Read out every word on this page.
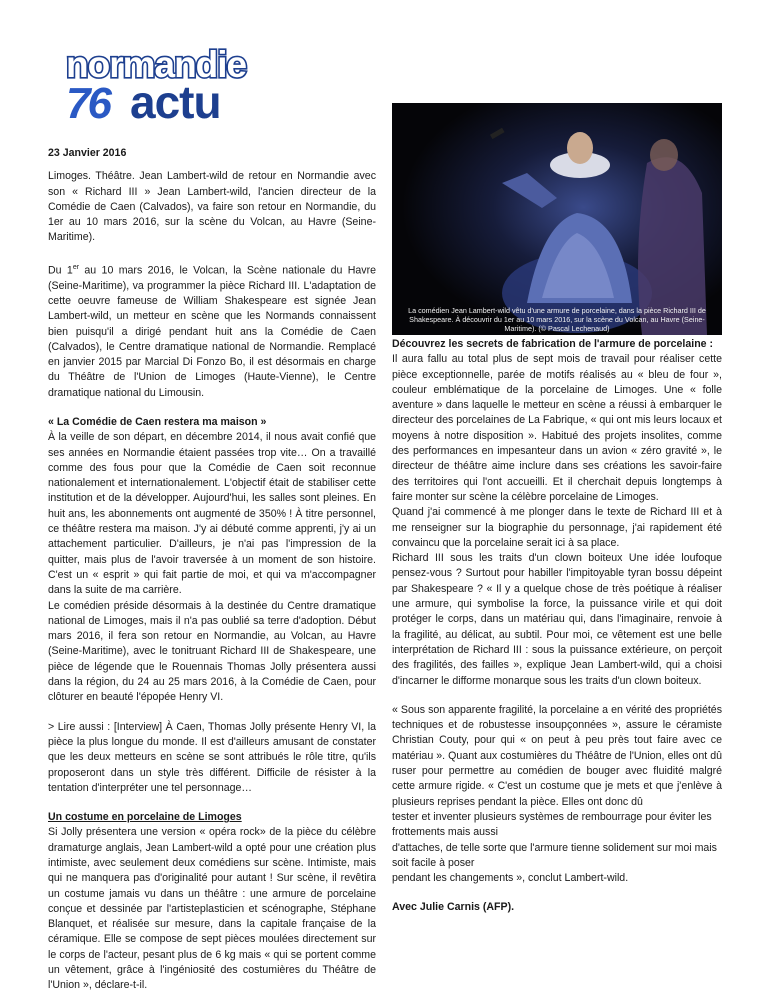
normandie
76 actu

23 Janvier 2016

Limoges. Théâtre. Jean Lambert-wild de retour en Normandie avec son « Richard III » Jean Lambert-wild, l'ancien directeur de la Comédie de Caen (Calvados), va faire son retour en Normandie, du 1er au 10 mars 2016, sur la scène du Volcan, au Havre (Seine-Maritime).

Du 1er au 10 mars 2016, le Volcan, la Scène nationale du Havre (Seine-Maritime), va programmer la pièce Richard III. L'adaptation de cette oeuvre fameuse de William Shakespeare est signée Jean Lambert-wild, un metteur en scène que les Normands connaissent bien puisqu'il a dirigé pendant huit ans la Comédie de Caen (Calvados), le Centre dramatique national de Normandie. Remplacé en janvier 2015 par Marcial Di Fonzo Bo, il est désormais en charge du Théâtre de l'Union de Limoges (Haute-Vienne), le Centre dramatique national du Limousin.

« La Comédie de Caen restera ma maison »

À la veille de son départ, en décembre 2014, il nous avait confié que ses années en Normandie étaient passées trop vite… On a travaillé comme des fous pour que la Comédie de Caen soit reconnue nationalement et internationalement. L'objectif était de stabiliser cette institution et de la développer. Aujourd'hui, les salles sont pleines. En huit ans, les abonnements ont augmenté de 350% ! À titre personnel, ce théâtre restera ma maison. J'y ai débuté comme apprenti, j'y ai un attachement particulier. D'ailleurs, je n'ai pas l'impression de la quitter, mais plus de l'avoir traversée à un moment de son histoire. C'est un « esprit » qui fait partie de moi, et qui va m'accompagner dans la suite de ma carrière.

Le comédien préside désormais à la destinée du Centre dramatique national de Limoges, mais il n'a pas oublié sa terre d'adoption. Début mars 2016, il fera son retour en Normandie, au Volcan, au Havre (Seine-Maritime), avec le tonitruant Richard III de Shakespeare, une pièce de légende que le Rouennais Thomas Jolly présentera aussi dans la région, du 24 au 25 mars 2016, à la Comédie de Caen, pour clôturer en beauté l'épopée Henry VI.

> Lire aussi : [Interview] À Caen, Thomas Jolly présente Henry VI, la pièce la plus longue du monde. Il est d'ailleurs amusant de constater que les deux metteurs en scène se sont attribués le rôle titre, qu'ils proposeront dans un style très différent. Difficile de résister à la tentation d'interpréter une tel personnage…

Un costume en porcelaine de Limoges

Si Jolly présentera une version « opéra rock» de la pièce du célèbre dramaturge anglais, Jean Lambert-wild a opté pour une création plus intimiste, avec seulement deux comédiens sur scène. Intimiste, mais qui ne manquera pas d'originalité pour autant ! Sur scène, il revêtira un costume jamais vu dans un théâtre : une armure de porcelaine conçue et dessinée par l'artisteplasticien et scénographe, Stéphane Blanquet, et réalisée sur mesure, dans la capitale française de la céramique. Elle se compose de sept pièces moulées directement sur le corps de l'acteur, pesant plus de 6 kg mais « qui se portent comme un vêtement, grâce à l'ingéniosité des costumières du Théâtre de l'Union », déclare-t-il.

La comédien Jean Lambert-wild vêtu d'une armure de porcelaine, dans la pièce Richard III de Shakespeare. À découvrir du 1er au 10 mars 2016, sur la scène du Volcan, au Havre (Seine-Maritime). (© Pascal Lechenaud)

Découvrez les secrets de fabrication de l'armure de porcelaine :

Il aura fallu au total plus de sept mois de travail pour réaliser cette pièce exceptionnelle, parée de motifs réalisés au « bleu de four », couleur emblématique de la porcelaine de Limoges. Une « folle aventure » dans laquelle le metteur en scène a réussi à embarquer le directeur des porcelaines de La Fabrique, « qui ont mis leurs locaux et moyens à notre disposition ». Habitué des projets insolites, comme des performances en impesanteur dans un avion « zéro gravité », le directeur de théâtre aime inclure dans ses créations les savoir-faire des territoires qui l'ont accueilli. Et il cherchait depuis longtemps à faire monter sur scène la célèbre porcelaine de Limoges.

Quand j'ai commencé à me plonger dans le texte de Richard III et à me renseigner sur la biographie du personnage, j'ai rapidement été convaincu que la porcelaine serait ici à sa place.

Richard III sous les traits d'un clown boiteux Une idée loufoque pensez-vous ? Surtout pour habiller l'impitoyable tyran bossu dépeint par Shakespeare ? « Il y a quelque chose de très poétique à réaliser une armure, qui symbolise la force, la puissance virile et qui doit protéger le corps, dans un matériau qui, dans l'imaginaire, renvoie à la fragilité, au délicat, au subtil. Pour moi, ce vêtement est une belle interprétation de Richard III : sous la puissance extérieure, on perçoit des fragilités, des failles », explique Jean Lambert-wild, qui a choisi d'incarner le difforme monarque sous les traits d'un clown boiteux.

« Sous son apparente fragilité, la porcelaine a en vérité des propriétés techniques et de robustesse insoupçonnées », assure le céramiste Christian Couty, pour qui « on peut à peu près tout faire avec ce matériau ». Quant aux costumières du Théâtre de l'Union, elles ont dû ruser pour permettre au comédien de bouger avec fluidité malgré cette armure rigide. « C'est un costume que je mets et que j'enlève à plusieurs reprises pendant la pièce. Elles ont donc dû

tester et inventer plusieurs systèmes de rembourrage pour éviter les frottements mais aussi

d'attaches, de telle sorte que l'armure tienne solidement sur moi mais soit facile à poser

pendant les changements », conclut Lambert-wild.

Avec Julie Carnis (AFP).
